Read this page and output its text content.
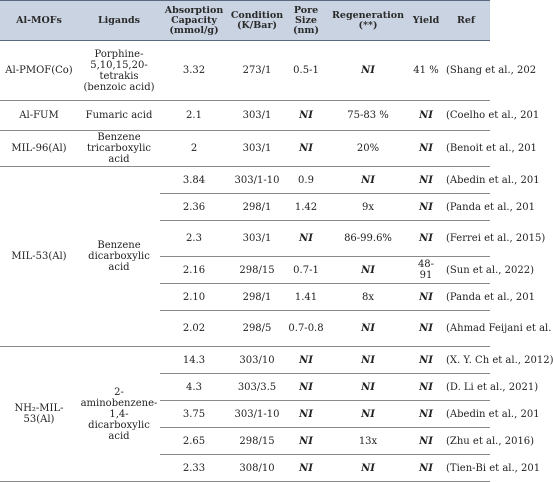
Al-MOFs	Ligands	Absorption Capacity (mmol/g)	Condition (K/Bar)	Pore Size (nm)	Regeneration (**)	Yield	Ref
Al-PMOF(Co)	Porphine-5,10,15,20-tetrakis (benzoic acid)	3.32	273/1	0.5-1	NI	41 %	(Shang et al., 202
Al-FUM	Fumaric acid	2.1	303/1	NI	75-83 %	NI	(Coelho et al., 201
MIL-96(Al)	Benzene tricarboxylic acid	2	303/1	NI	20%	NI	(Benoit et al., 201
MIL-53(Al)	Benzene dicarboxylic acid	3.84	303/1-10	0.9	NI	NI	(Abedin et al., 201
		2.36	298/1	1.42	9x	NI	(Panda et al., 201
		2.3	303/1	NI	86-99.6%	NI	(Ferrei et al., 2015)
		2.16	298/15	0.7-1	NI	48-91	(Sun et al., 2022)
		2.10	298/1	1.41	8x	NI	(Panda et al., 201
		2.02	298/5	0.7-0.8	NI	NI	(Ahmad Feijani et al.
NH₂-MIL-53(Al)	2-aminobenzene-1,4-dicarboxylic acid	14.3	303/10	NI	NI	NI	(X. Y. Ch et al., 2012)
		4.3	303/3.5	NI	NI	NI	(D. Li et al., 2021)
		3.75	303/1-10	NI	NI	NI	(Abedin et al., 201
		2.65	298/15	NI	13x	NI	(Zhu et al., 2016)
		2.33	308/10	NI	NI	NI	(Tien-Bi et al., 201
